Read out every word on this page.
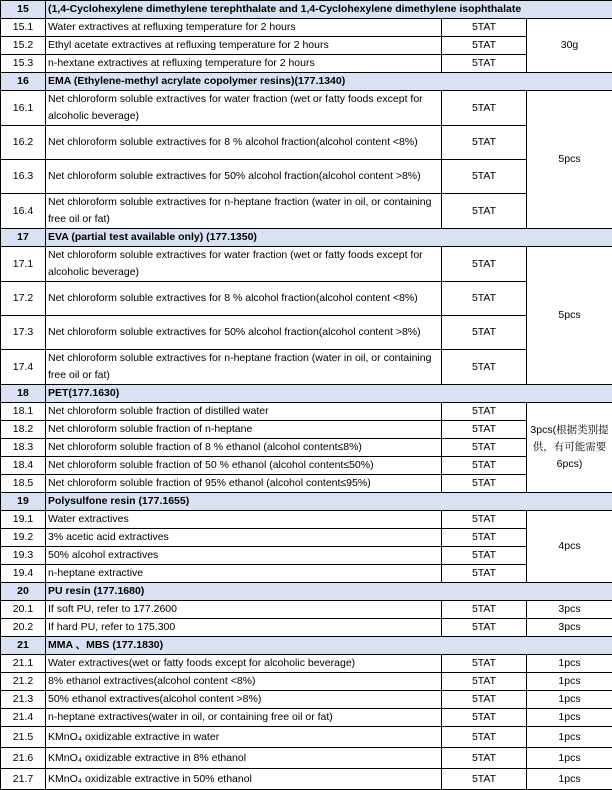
15	(1,4-Cyclohexylene dimethylene terephthalate and 1,4-Cyclohexylene dimethylene isophthalate		
15.1	Water extractives at refluxing temperature for 2 hours	5TAT	30g
15.2	Ethyl acetate extractives at refluxing temperature for 2 hours	5TAT	
15.3	n-hextane extractives at refluxing temperature for 2 hours	5TAT	
16	EMA (Ethylene-methyl acrylate copolymer resins)(177.1340)		
16.1	Net chloroform soluble extractives for water fraction (wet or fatty foods except for alcoholic beverage)	5TAT	5pcs
16.2	Net chloroform soluble extractives for 8 % alcohol fraction(alcohol content <8%)	5TAT	
16.3	Net chloroform soluble extractives for 50% alcohol fraction(alcohol content >8%)	5TAT	
16.4	Net chloroform soluble extractives for n-heptane fraction (water in oil, or containing free oil or fat)	5TAT	
17	EVA (partial test available only) (177.1350)		
17.1	Net chloroform soluble extractives for water fraction (wet or fatty foods except for alcoholic beverage)	5TAT	5pcs
17.2	Net chloroform soluble extractives for 8 % alcohol fraction(alcohol content <8%)	5TAT	
17.3	Net chloroform soluble extractives for 50% alcohol fraction(alcohol content >8%)	5TAT	
17.4	Net chloroform soluble extractives for n-heptane fraction (water in oil, or containing free oil or fat)	5TAT	
18	PET(177.1630)		
18.1	Net chloroform soluble fraction of distilled water	5TAT	3pcs(根据类别提供，有可能需要6pcs)
18.2	Net chloroform soluble fraction of n-heptane	5TAT	
18.3	Net chloroform soluble fraction of 8 % ethanol (alcohol content≤8%)	5TAT	
18.4	Net chloroform soluble fraction of 50 % ethanol (alcohol content≤50%)	5TAT	
18.5	Net chloroform soluble fraction of 95% ethanol (alcohol content≤95%)	5TAT	
19	Polysulfone resin (177.1655)		
19.1	Water extractives	5TAT	4pcs
19.2	3% acetic acid extractives	5TAT	
19.3	50% alcohol extractives	5TAT	
19.4	n-heptane extractive	5TAT	
20	PU resin (177.1680)		
20.1	If soft PU, refer to 177.2600	5TAT	3pcs
20.2	If hard PU, refer to 175.300	5TAT	3pcs
21	MMA 、MBS (177.1830)		
21.1	Water extractives(wet or fatty foods except for alcoholic beverage)	5TAT	1pcs
21.2	8% ethanol extractives(alcohol content <8%)	5TAT	1pcs
21.3	50% ethanol extractives(alcohol content >8%)	5TAT	1pcs
21.4	n-heptane extractives(water in oil, or containing free oil or fat)	5TAT	1pcs
21.5	KMnO₄ oxidizable extractive in water	5TAT	1pcs
21.6	KMnO₄ oxidizable extractive in 8% ethanol	5TAT	1pcs
21.7	KMnO₄ oxidizable extractive in 50% ethanol	5TAT	1pcs
